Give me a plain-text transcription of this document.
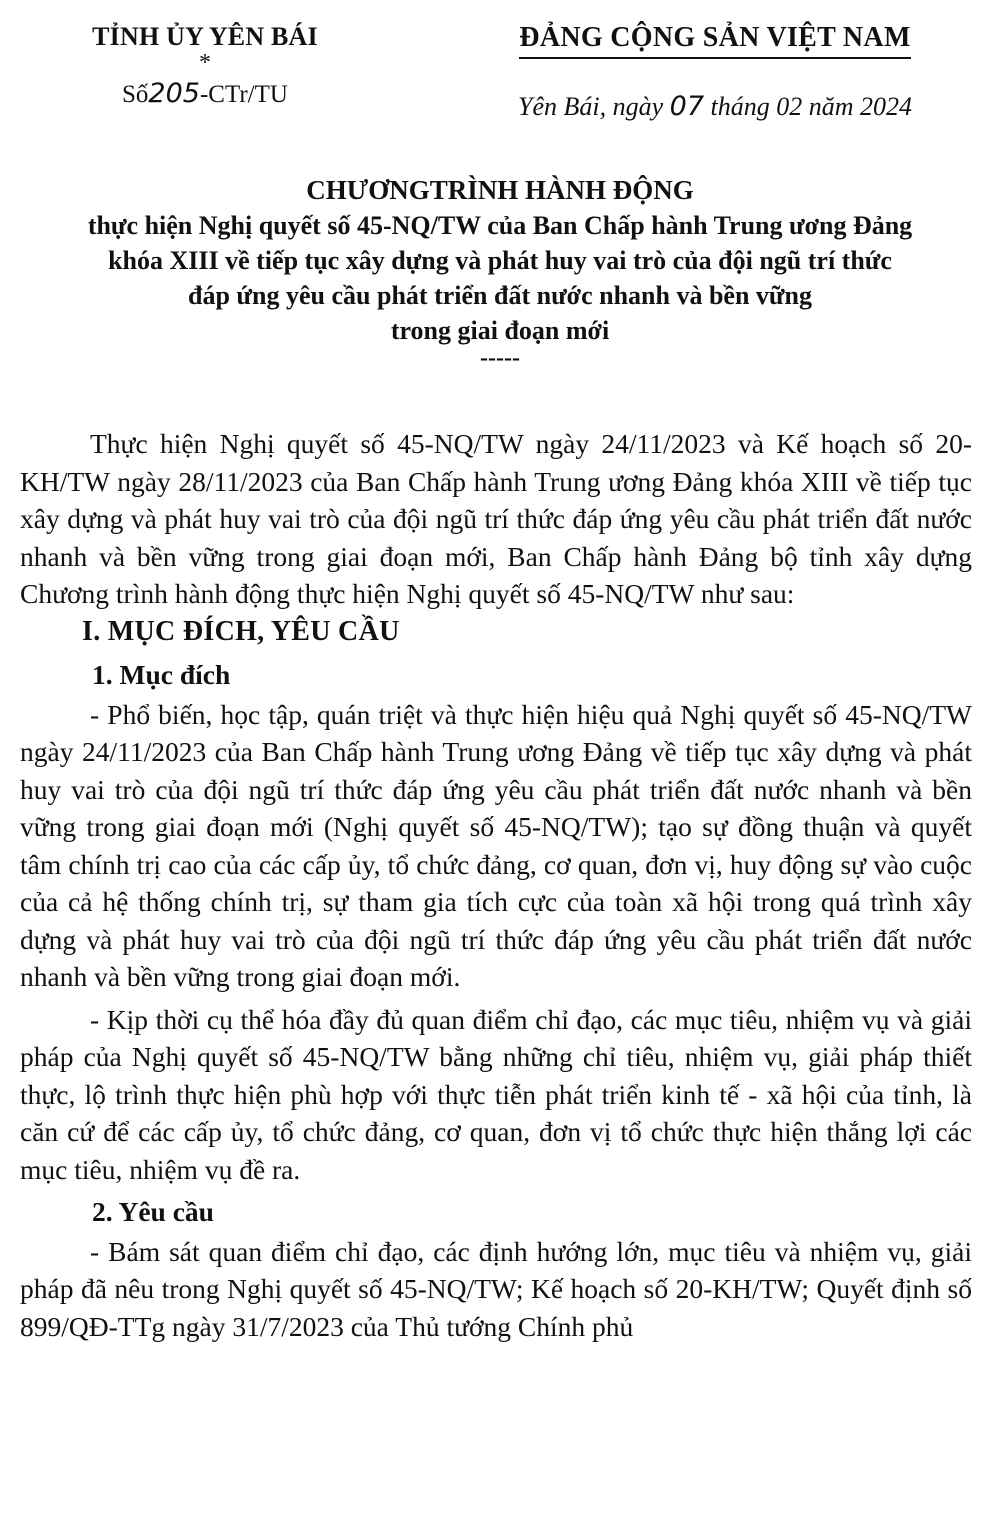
TỈNH ỦY YÊN BÁI
*
Số205-CTr/TU
ĐẢNG CỘNG SẢN VIỆT NAM
Yên Bái, ngày 07 tháng 02 năm 2024
CHƯƠNGTRÌNH HÀNH ĐỘNG
thực hiện Nghị quyết số 45-NQ/TW của Ban Chấp hành Trung ương Đảng
khóa XIII về tiếp tục xây dựng và phát huy vai trò của đội ngũ trí thức
đáp ứng yêu cầu phát triển đất nước nhanh và bền vững
trong giai đoạn mới
-----

Thực hiện Nghị quyết số 45-NQ/TW ngày 24/11/2023 và Kế hoạch số 20-KH/TW ngày 28/11/2023 của Ban Chấp hành Trung ương Đảng khóa XIII về tiếp tục xây dựng và phát huy vai trò của đội ngũ trí thức đáp ứng yêu cầu phát triển đất nước nhanh và bền vững trong giai đoạn mới, Ban Chấp hành Đảng bộ tỉnh xây dựng Chương trình hành động thực hiện Nghị quyết số 45-NQ/TW như sau:

I. MỤC ĐÍCH, YÊU CẦU
1. Mục đích

- Phổ biến, học tập, quán triệt và thực hiện hiệu quả Nghị quyết số 45-NQ/TW ngày 24/11/2023 của Ban Chấp hành Trung ương Đảng về tiếp tục xây dựng và phát huy vai trò của đội ngũ trí thức đáp ứng yêu cầu phát triển đất nước nhanh và bền vững trong giai đoạn mới (Nghị quyết số 45-NQ/TW); tạo sự đồng thuận và quyết tâm chính trị cao của các cấp ủy, tổ chức đảng, cơ quan, đơn vị, huy động sự vào cuộc của cả hệ thống chính trị, sự tham gia tích cực của toàn xã hội trong quá trình xây dựng và phát huy vai trò của đội ngũ trí thức đáp ứng yêu cầu phát triển đất nước nhanh và bền vững trong giai đoạn mới.

- Kịp thời cụ thể hóa đầy đủ quan điểm chỉ đạo, các mục tiêu, nhiệm vụ và giải pháp của Nghị quyết số 45-NQ/TW bằng những chỉ tiêu, nhiệm vụ, giải pháp thiết thực, lộ trình thực hiện phù hợp với thực tiễn phát triển kinh tế - xã hội của tỉnh, là căn cứ để các cấp ủy, tổ chức đảng, cơ quan, đơn vị tổ chức thực hiện thắng lợi các mục tiêu, nhiệm vụ đề ra.

2. Yêu cầu

- Bám sát quan điểm chỉ đạo, các định hướng lớn, mục tiêu và nhiệm vụ, giải pháp đã nêu trong Nghị quyết số 45-NQ/TW; Kế hoạch số 20-KH/TW; Quyết định số 899/QĐ-TTg ngày 31/7/2023 của Thủ tướng Chính phủ
